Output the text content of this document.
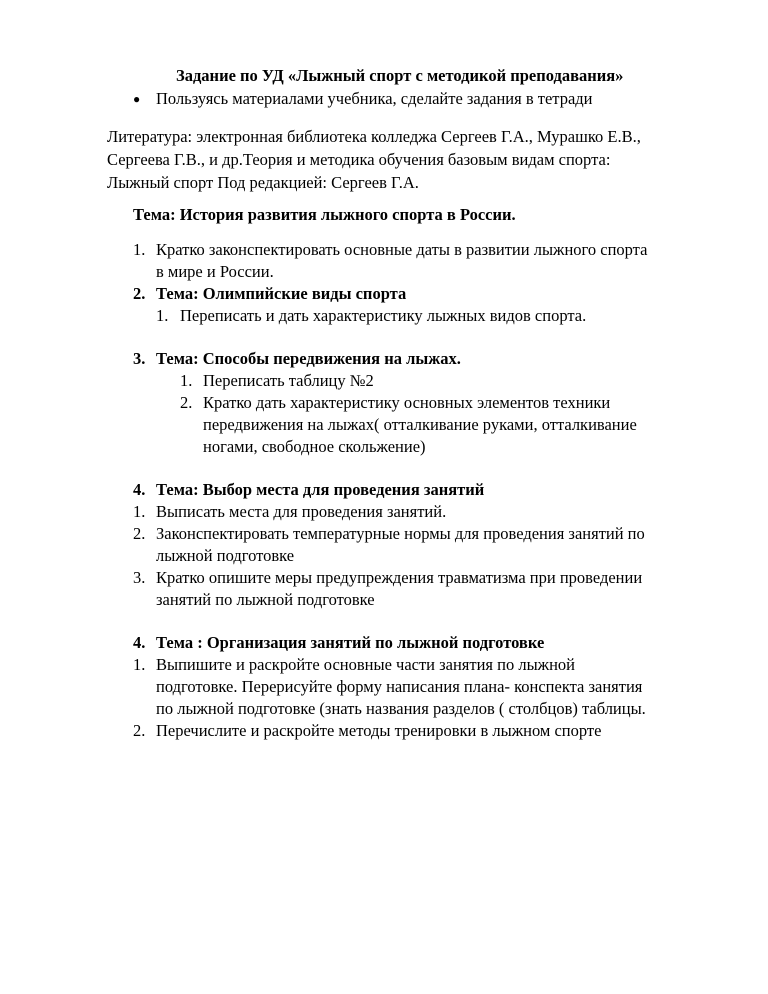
Задание по УД «Лыжный спорт с методикой преподавания»
● Пользуясь материалами учебника, сделайте задания в тетради
Литература: электронная библиотека колледжа Сергеев Г.А., Мурашко Е.В.,
Сергеева Г.В., и др.Теория и методика обучения базовым видам спорта:
Лыжный спорт Под редакцией: Сергеев Г.А.
Тема: История развития лыжного спорта в России.
1. Кратко законспектировать основные даты в развитии лыжного спорта
в мире и России.
2. Тема: Олимпийские виды спорта
1. Переписать и дать характеристику лыжных видов спорта.
3. Тема: Способы передвижения на лыжах.
1. Переписать таблицу №2
2. Кратко дать характеристику основных элементов техники
передвижения на лыжах( отталкивание руками, отталкивание
ногами, свободное скольжение)
4. Тема: Выбор места для проведения занятий
1. Выписать места для проведения занятий.
2. Законспектировать температурные нормы для проведения занятий по
лыжной подготовке
3. Кратко опишите меры предупреждения травматизма при проведении
занятий по лыжной подготовке
4. Тема : Организация занятий по лыжной подготовке
1. Выпишите и раскройте основные части занятия по лыжной
подготовке. Перерисуйте форму написания плана- конспекта занятия
по лыжной подготовке (знать названия разделов ( столбцов) таблицы.
2. Перечислите и раскройте методы тренировки в лыжном спорте
